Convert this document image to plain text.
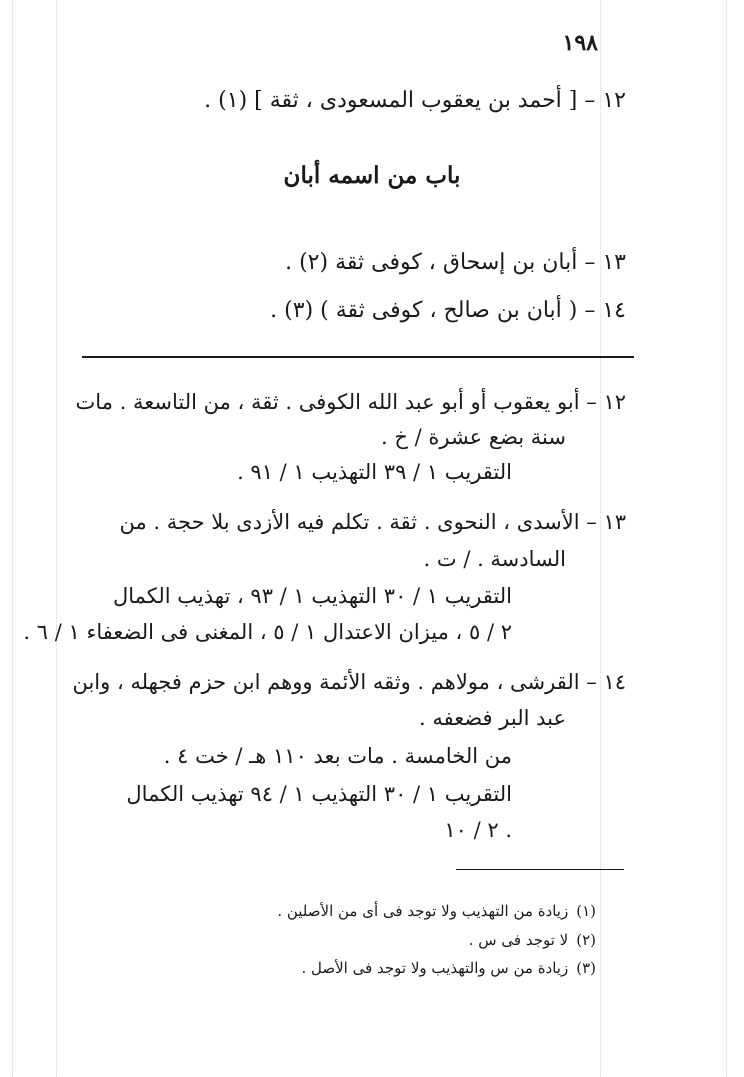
١٩٨
١٢ – [ أحمد بن يعقوب المسعودى ، ثقة ] (١) .
باب من اسمه أبان
١٣ – أبان بن إسحاق ، كوفى ثقة (٢) .
١٤ – ( أبان بن صالح ، كوفى ثقة ) (٣) .
١٢ – أبو يعقوب أو أبو عبد الله الكوفى . ثقة ، من التاسعة . مات
سنة بضع عشرة / خ .
التقريب ١ / ٣٩ التهذيب ١ / ٩١ .
١٣ – الأسدى ، النحوى . ثقة . تكلم فيه الأزدى بلا حجة . من
السادسة . / ت .
التقريب ١ / ٣٠ التهذيب ١ / ٩٣ ، تهذيب الكمال
٢ / ٥ ، ميزان الاعتدال ١ / ٥ ، المغنى فى الضعفاء ١ / ٦ .
١٤ – القرشى ، مولاهم . وثقه الأئمة ووهم ابن حزم فجهله ، وابن
عبد البر فضعفه .
من الخامسة . مات بعد ١١٠ هـ / خت ٤ .
التقريب ١ / ٣٠ التهذيب ١ / ٩٤ تهذيب الكمال
٢ / ١٠ .
(١)زيادة من التهذيب ولا توجد فى أى من الأصلين .
(٢)لا توجد فى س .
(٣)زيادة من س والتهذيب ولا توجد فى الأصل .
